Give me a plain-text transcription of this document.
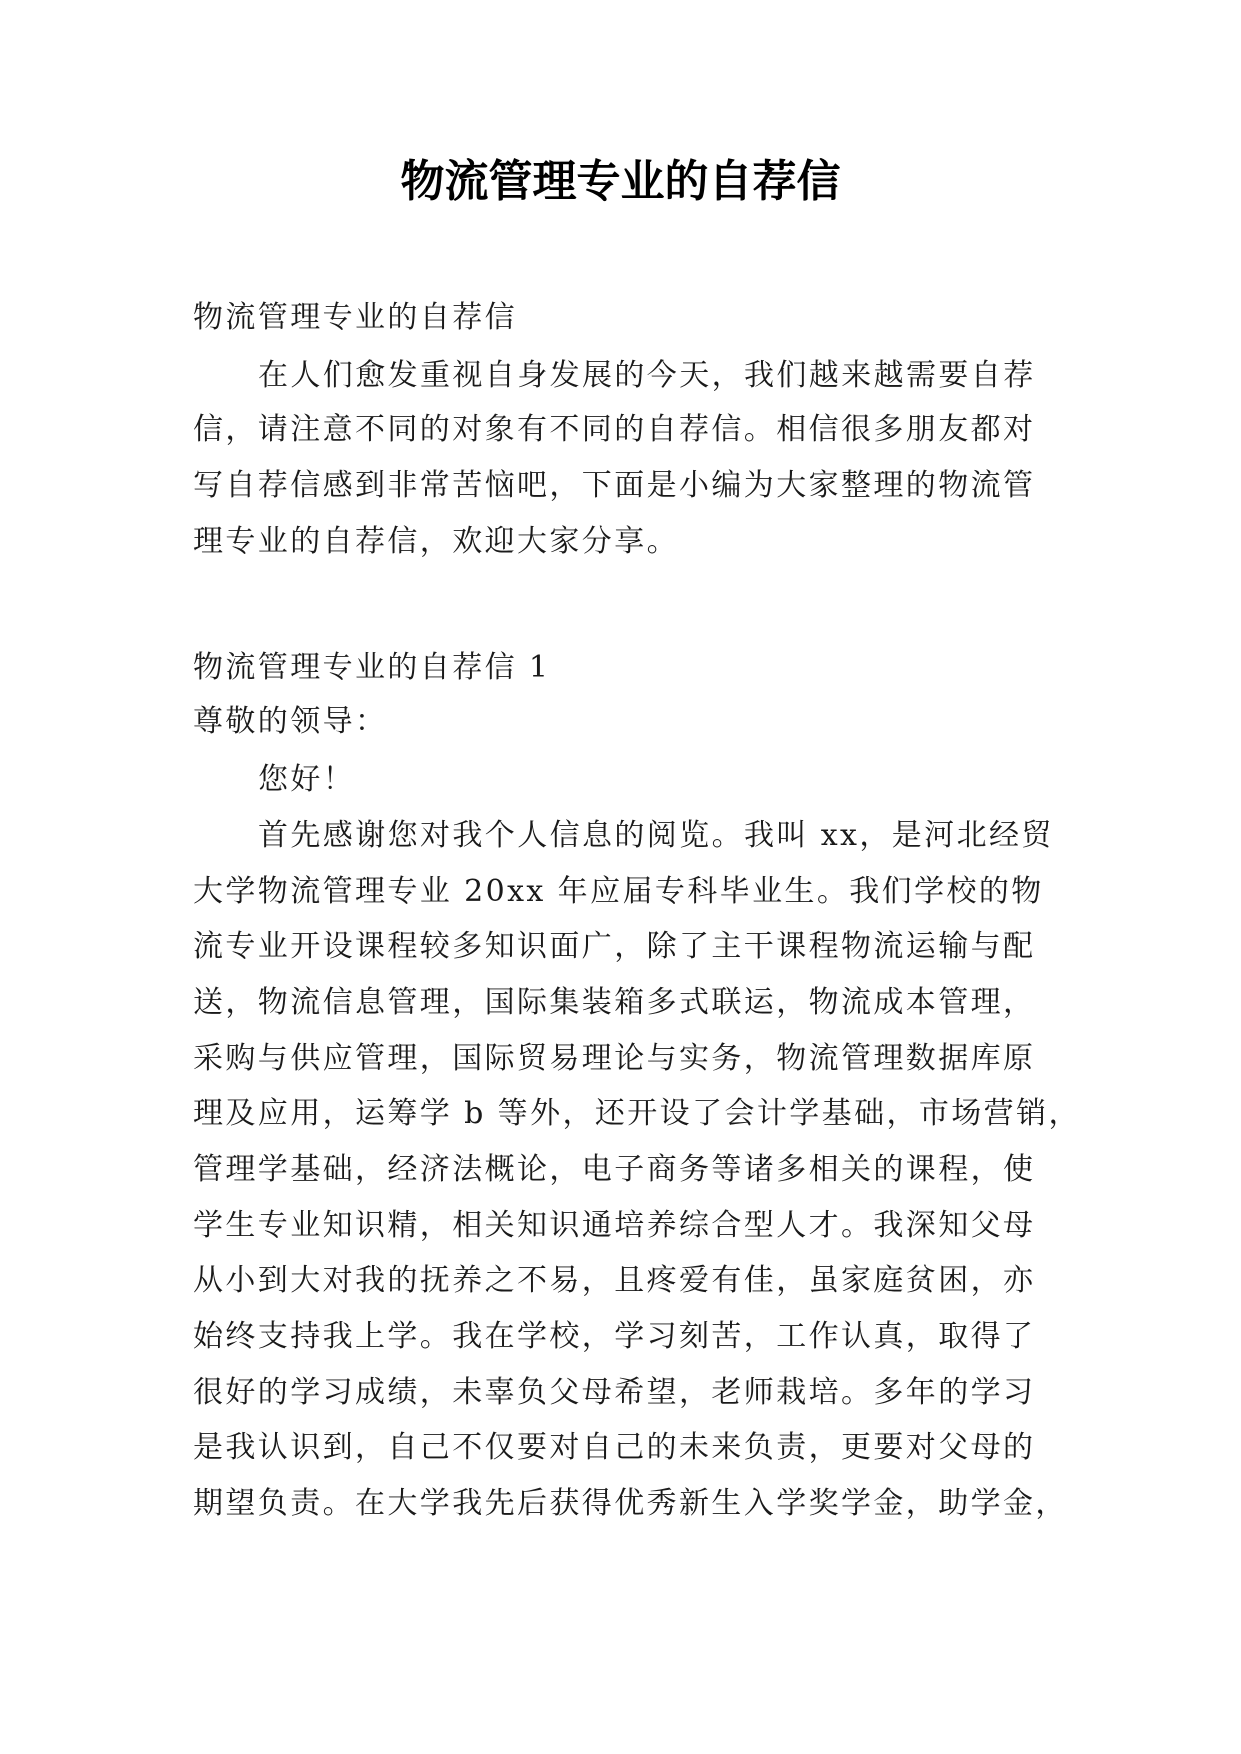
物流管理专业的自荐信
物流管理专业的自荐信
在人们愈发重视自身发展的今天，我们越来越需要自荐
信，请注意不同的对象有不同的自荐信。相信很多朋友都对
写自荐信感到非常苦恼吧，下面是小编为大家整理的物流管
理专业的自荐信，欢迎大家分享。
物流管理专业的自荐信 1
尊敬的领导：
您好！
首先感谢您对我个人信息的阅览。我叫 xx，是河北经贸
大学物流管理专业 20xx 年应届专科毕业生。我们学校的物
流专业开设课程较多知识面广，除了主干课程物流运输与配
送，物流信息管理，国际集装箱多式联运，物流成本管理，
采购与供应管理，国际贸易理论与实务，物流管理数据库原
理及应用，运筹学 b 等外，还开设了会计学基础，市场营销，
管理学基础，经济法概论，电子商务等诸多相关的课程，使
学生专业知识精，相关知识通培养综合型人才。我深知父母
从小到大对我的抚养之不易，且疼爱有佳，虽家庭贫困，亦
始终支持我上学。我在学校，学习刻苦，工作认真，取得了
很好的学习成绩，未辜负父母希望，老师栽培。多年的学习
是我认识到，自己不仅要对自己的未来负责，更要对父母的
期望负责。在大学我先后获得优秀新生入学奖学金，助学金，
